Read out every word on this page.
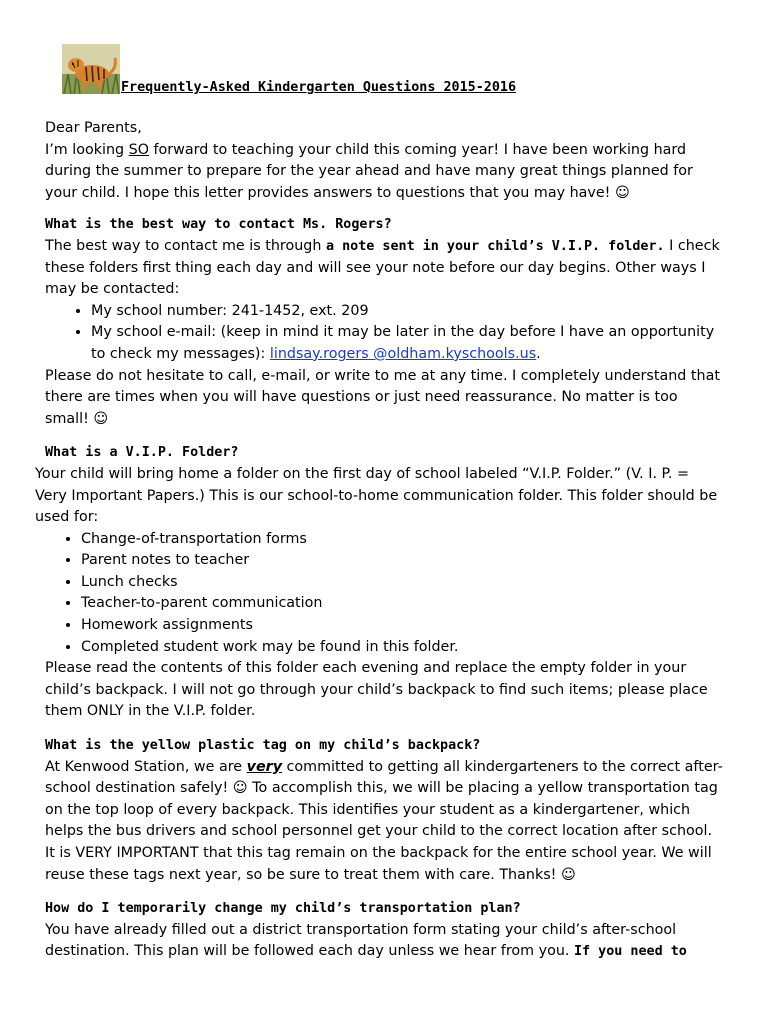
Frequently-Asked Kindergarten Questions 2015-2016

Dear Parents,

I’m looking SO forward to teaching your child this coming year! I have been working hard during the summer to prepare for the year ahead and have many great things planned for your child. I hope this letter provides answers to questions that you may have! ☺

What is the best way to contact Ms. Rogers?

The best way to contact me is through a note sent in your child’s V.I.P. folder. I check these folders first thing each day and will see your note before our day begins. Other ways I may be contacted:

• My school number: 241-1452, ext. 209
• My school e-mail: (keep in mind it may be later in the day before I have an opportunity to check my messages): lindsay.rogers @oldham.kyschools.us.

Please do not hesitate to call, e-mail, or write to me at any time. I completely understand that there are times when you will have questions or just need reassurance. No matter is too small! ☺

What is a V.I.P. Folder?

Your child will bring home a folder on the first day of school labeled “V.I.P. Folder.” (V. I. P. = Very Important Papers.) This is our school-to-home communication folder. This folder should be used for:

• Change-of-transportation forms
• Parent notes to teacher
• Lunch checks
• Teacher-to-parent communication
• Homework assignments
• Completed student work may be found in this folder.

Please read the contents of this folder each evening and replace the empty folder in your child’s backpack. I will not go through your child’s backpack to find such items; please place them ONLY in the V.I.P. folder.

What is the yellow plastic tag on my child’s backpack?

At Kenwood Station, we are very committed to getting all kindergarteners to the correct after-school destination safely! ☺ To accomplish this, we will be placing a yellow transportation tag on the top loop of every backpack. This identifies your student as a kindergartener, which helps the bus drivers and school personnel get your child to the correct location after school. It is VERY IMPORTANT that this tag remain on the backpack for the entire school year. We will reuse these tags next year, so be sure to treat them with care. Thanks! ☺

How do I temporarily change my child’s transportation plan?

You have already filled out a district transportation form stating your child’s after-school destination. This plan will be followed each day unless we hear from you. If you need to
